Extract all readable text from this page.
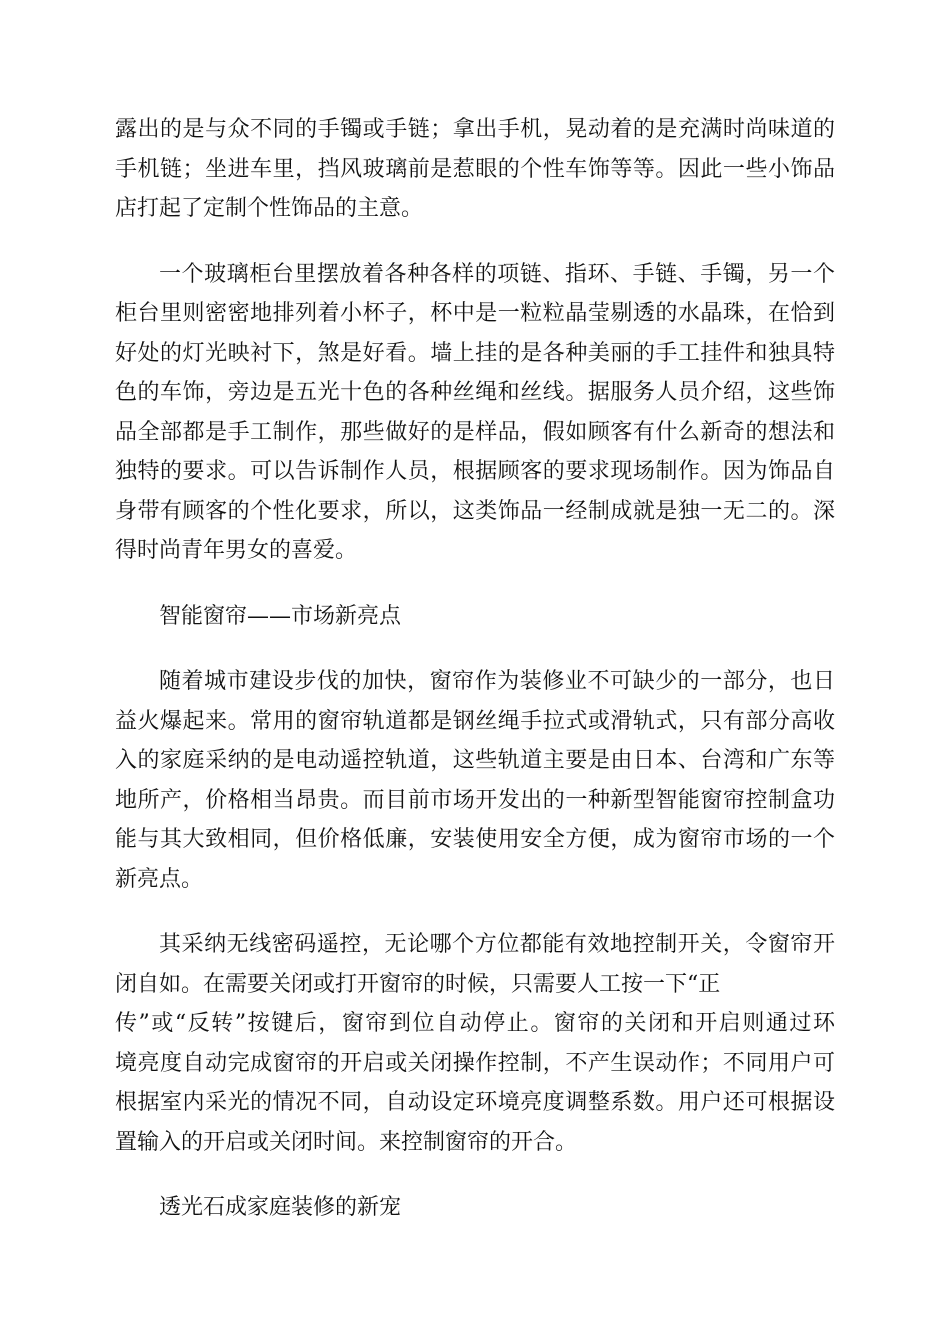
露出的是与众不同的手镯或手链；拿出手机，晃动着的是充满时尚味道的
手机链；坐进车里，挡风玻璃前是惹眼的个性车饰等等。因此一些小饰品
店打起了定制个性饰品的主意。

一个玻璃柜台里摆放着各种各样的项链、指环、手链、手镯，另一个
柜台里则密密地排列着小杯子，杯中是一粒粒晶莹剔透的水晶珠，在恰到
好处的灯光映衬下，煞是好看。墙上挂的是各种美丽的手工挂件和独具特
色的车饰，旁边是五光十色的各种丝绳和丝线。据服务人员介绍，这些饰
品全部都是手工制作，那些做好的是样品，假如顾客有什么新奇的想法和
独特的要求。可以告诉制作人员，根据顾客的要求现场制作。因为饰品自
身带有顾客的个性化要求，所以，这类饰品一经制成就是独一无二的。深
得时尚青年男女的喜爱。

智能窗帘——市场新亮点

随着城市建设步伐的加快，窗帘作为装修业不可缺少的一部分，也日
益火爆起来。常用的窗帘轨道都是钢丝绳手拉式或滑轨式，只有部分高收
入的家庭采纳的是电动遥控轨道，这些轨道主要是由日本、台湾和广东等
地所产，价格相当昂贵。而目前市场开发出的一种新型智能窗帘控制盒功
能与其大致相同，但价格低廉，安装使用安全方便，成为窗帘市场的一个
新亮点。

其采纳无线密码遥控，无论哪个方位都能有效地控制开关，令窗帘开
闭自如。在需要关闭或打开窗帘的时候，只需要人工按一下“正
传”或“反转”按键后，窗帘到位自动停止。窗帘的关闭和开启则通过环
境亮度自动完成窗帘的开启或关闭操作控制，不产生误动作；不同用户可
根据室内采光的情况不同，自动设定环境亮度调整系数。用户还可根据设
置输入的开启或关闭时间。来控制窗帘的开合。

透光石成家庭装修的新宠
